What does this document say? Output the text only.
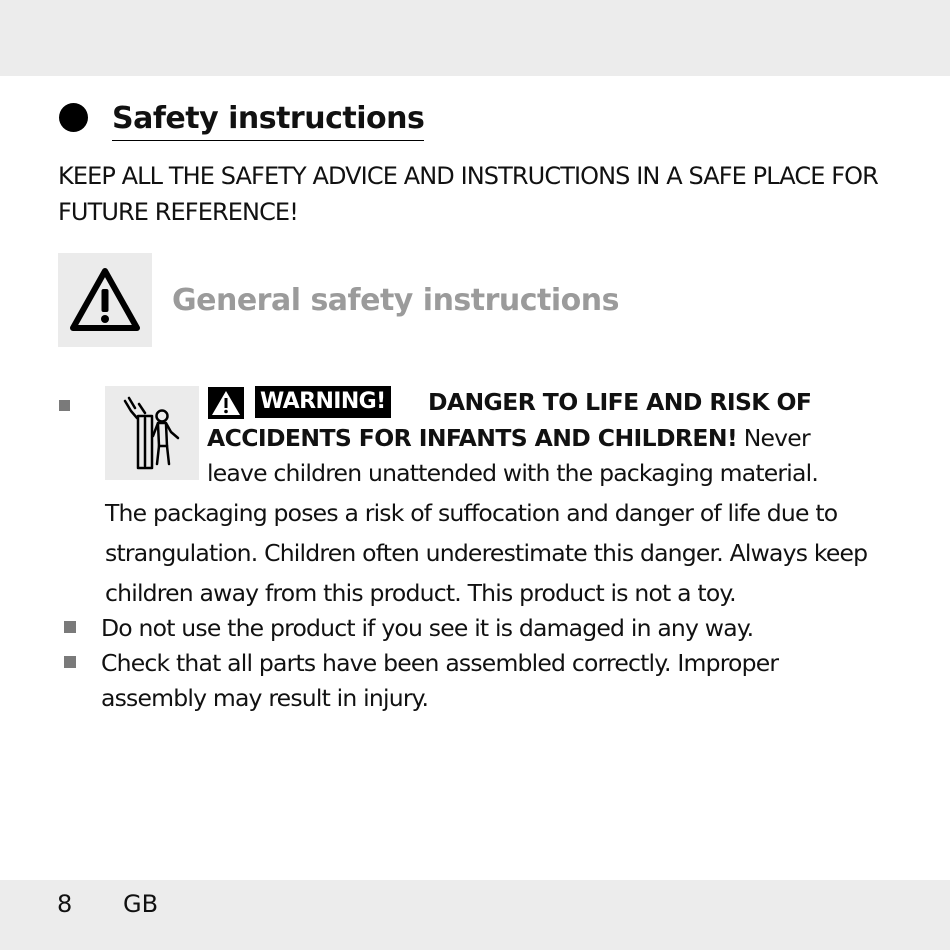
Safety instructions

KEEP ALL THE SAFETY ADVICE AND INSTRUCTIONS IN A SAFE PLACE FOR FUTURE REFERENCE!

General safety instructions
WARNING! DANGER TO LIFE AND RISK OF

ACCIDENTS FOR INFANTS AND CHILDREN! Never

leave children unattended with the packaging material.

The packaging poses a risk of suffocation and danger of life due to

strangulation. Children often underestimate this danger. Always keep

children away from this product. This product is not a toy.

Do not use the product if you see it is damaged in any way.

Check that all parts have been assembled correctly. Improper assembly may result in injury.

8 GB
